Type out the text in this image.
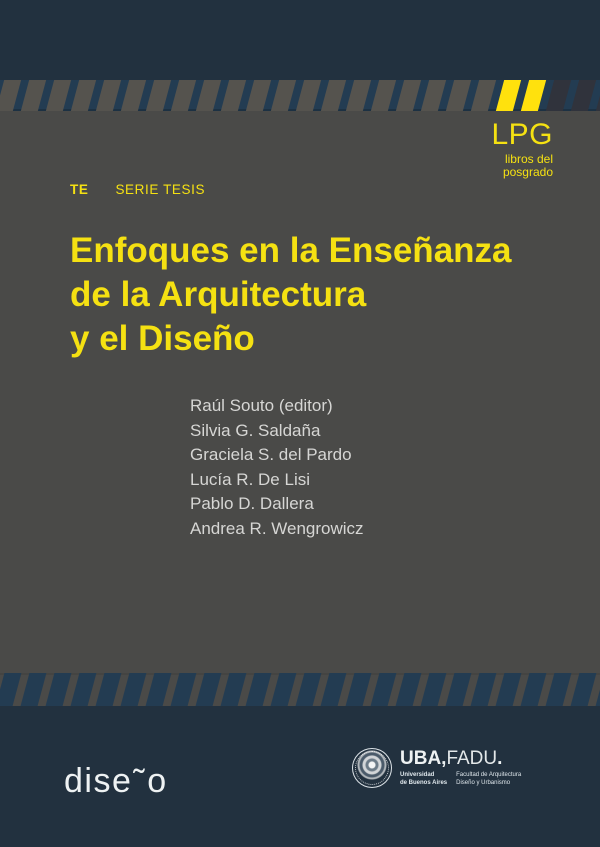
LPG
libros del
posgrado
TE SERIE TESIS
Enfoques en la Enseñanza
de la Arquitectura
y el Diseño
Raúl Souto (editor)
Silvia G. Saldaña
Graciela S. del Pardo
Lucía R. De Lisi
Pablo D. Dallera
Andrea R. Wengrowicz
dise˜o
UBA,FADU.
Universidad
de Buenos Aires
Facultad de Arquitectura
Diseño y Urbanismo
